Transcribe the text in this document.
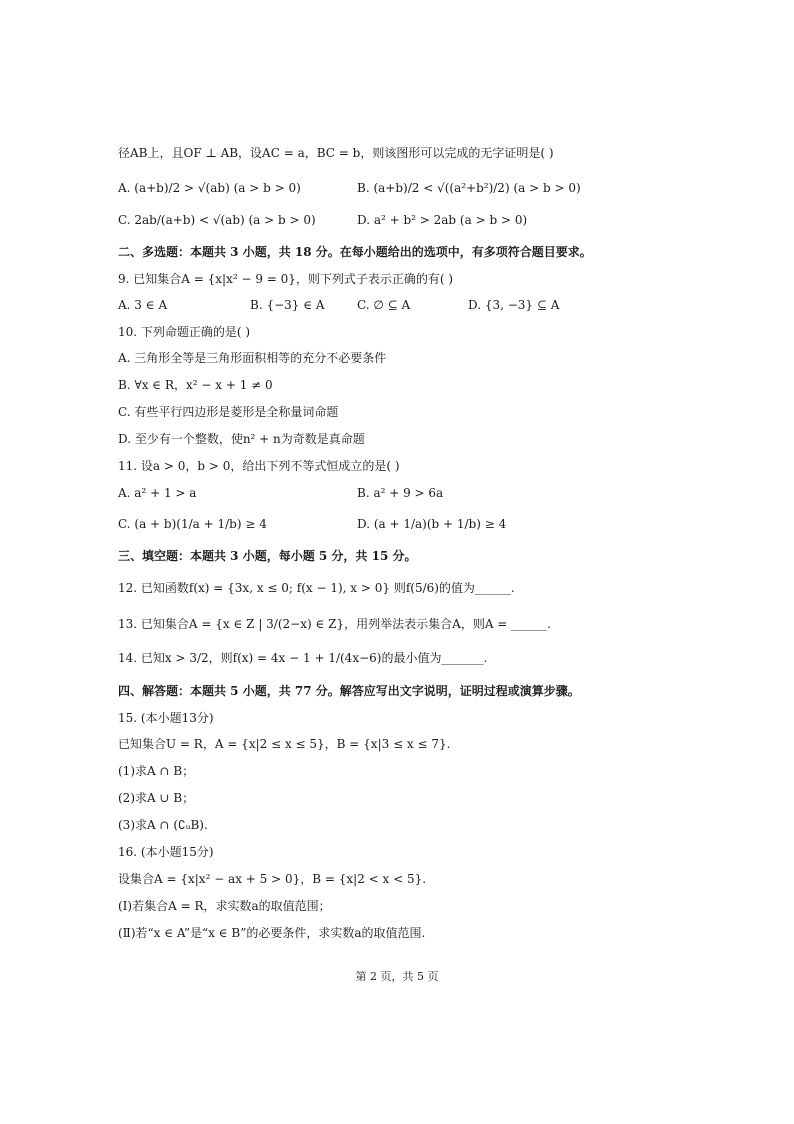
径AB上，且OF ⊥ AB，设AC = a，BC = b，则该图形可以完成的无字证明是( )
A. (a+b)/2 > √(ab) (a > b > 0)	B. (a+b)/2 < √((a²+b²)/2) (a > b > 0)
C. 2ab/(a+b) < √(ab) (a > b > 0)	D. a² + b² > 2ab (a > b > 0)
二、多选题：本题共 3 小题，共 18 分。在每小题给出的选项中，有多项符合题目要求。
9. 已知集合A = {x|x² − 9 = 0}，则下列式子表示正确的有( )
A. 3 ∈ A	B. {−3} ∈ A	C. ∅ ⊆ A	D. {3, −3} ⊆ A
10. 下列命题正确的是( )
A. 三角形全等是三角形面积相等的充分不必要条件
B. ∀x ∈ R，x² − x + 1 ≠ 0
C. 有些平行四边形是菱形是全称量词命题
D. 至少有一个整数，使n² + n为奇数是真命题
11. 设a > 0，b > 0，给出下列不等式恒成立的是( )
A. a² + 1 > a	B. a² + 9 > 6a
C. (a + b)(1/a + 1/b) ≥ 4	D. (a + 1/a)(b + 1/b) ≥ 4
三、填空题：本题共 3 小题，每小题 5 分，共 15 分。
12. 已知函数f(x) = {3x, x ≤ 0; f(x − 1), x > 0} 则f(5/6)的值为______.
13. 已知集合A = {x ∈ Z | 3/(2−x) ∈ Z}，用列举法表示集合A，则A = ______.
14. 已知x > 3/2，则f(x) = 4x − 1 + 1/(4x−6)的最小值为_______.
四、解答题：本题共 5 小题，共 77 分。解答应写出文字说明，证明过程或演算步骤。
15. (本小题13分)
已知集合U = R，A = {x|2 ≤ x ≤ 5}，B = {x|3 ≤ x ≤ 7}.
(1)求A ∩ B；
(2)求A ∪ B；
(3)求A ∩ (∁ᵤB).
16. (本小题15分)
设集合A = {x|x² − ax + 5 > 0}，B = {x|2 < x < 5}.
(Ⅰ)若集合A = R，求实数a的取值范围；
(Ⅱ)若“x ∈ A”是“x ∈ B”的必要条件，求实数a的取值范围.
第 2 页，共 5 页
